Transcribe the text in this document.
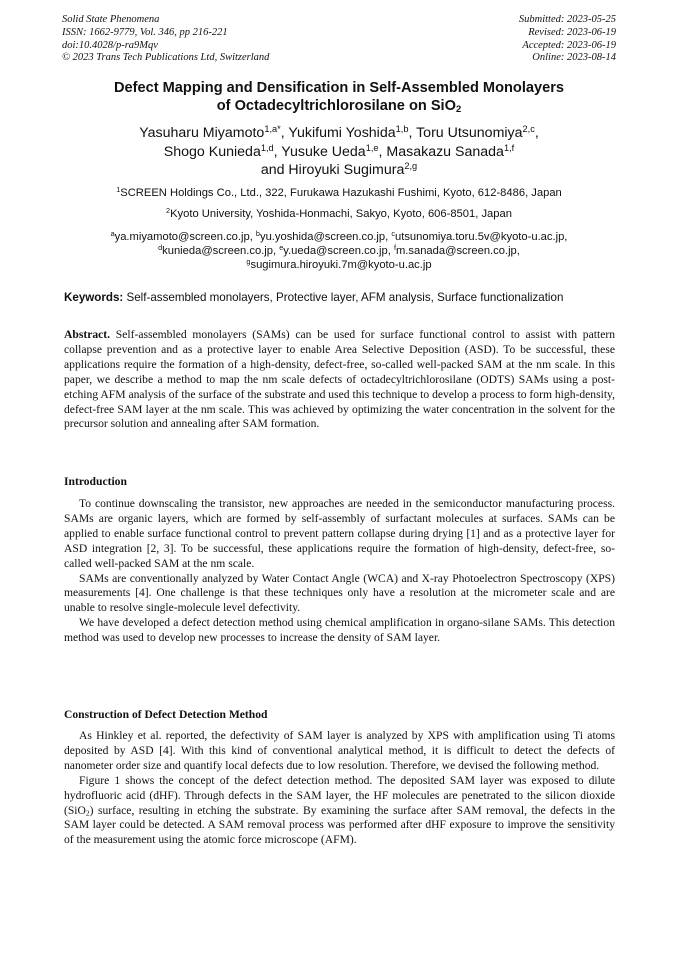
Solid State Phenomena
ISSN: 1662-9779, Vol. 346, pp 216-221
doi:10.4028/p-ra9Mqv
© 2023 Trans Tech Publications Ltd, Switzerland
Submitted: 2023-05-25
Revised: 2023-06-19
Accepted: 2023-06-19
Online: 2023-08-14
Defect Mapping and Densification in Self-Assembled Monolayers
of Octadecyltrichlorosilane on SiO$_2$
Yasuharu Miyamoto$^{1,a*}$, Yukifumi Yoshida$^{1,b}$, Toru Utsunomiya$^{2,c}$,
Shogo Kunieda$^{1,d}$, Yusuke Ueda$^{1,e}$, Masakazu Sanada$^{1,f}$
and Hiroyuki Sugimura$^{2,g}$
$^1$SCREEN Holdings Co., Ltd., 322, Furukawa Hazukashi Fushimi, Kyoto, 612-8486, Japan
$^2$Kyoto University, Yoshida-Honmachi, Sakyo, Kyoto, 606-8501, Japan
$^a$ya.miyamoto@screen.co.jp, $^b$yu.yoshida@screen.co.jp, $^c$utsunomiya.toru.5v@kyoto-u.ac.jp,
$^d$kunieda@screen.co.jp, $^e$y.ueda@screen.co.jp, $^f$m.sanada@screen.co.jp,
$^g$sugimura.hiroyuki.7m@kyoto-u.ac.jp
Keywords: Self-assembled monolayers, Protective layer, AFM analysis, Surface functionalization

Abstract. Self-assembled monolayers (SAMs) can be used for surface functional control to assist with pattern collapse prevention and as a protective layer to enable Area Selective Deposition (ASD). To be successful, these applications require the formation of a high-density, defect-free, so-called well-packed SAM at the nm scale. In this paper, we describe a method to map the nm scale defects of octadecyltrichlorosilane (ODTS) SAMs using a post-etching AFM analysis of the surface of the substrate and used this technique to develop a process to form high-density, defect-free SAM layer at the nm scale. This was achieved by optimizing the water concentration in the solvent for the precursor solution and annealing after SAM formation.

Introduction

To continue downscaling the transistor, new approaches are needed in the semiconductor manufacturing process. SAMs are organic layers, which are formed by self-assembly of surfactant molecules at surfaces. SAMs can be applied to enable surface functional control to prevent pattern collapse during drying [1] and as a protective layer for ASD integration [2, 3]. To be successful, these applications require the formation of high-density, defect-free, so-called well-packed SAM at the nm scale.

SAMs are conventionally analyzed by Water Contact Angle (WCA) and X-ray Photoelectron Spectroscopy (XPS) measurements [4]. One challenge is that these techniques only have a resolution at the micrometer scale and are unable to resolve single-molecule level defectivity.

We have developed a defect detection method using chemical amplification in organo-silane SAMs. This detection method was used to develop new processes to increase the density of SAM layer.

Construction of Defect Detection Method

As Hinkley et al. reported, the defectivity of SAM layer is analyzed by XPS with amplification using Ti atoms deposited by ASD [4]. With this kind of conventional analytical method, it is difficult to detect the defects of nanometer order size and quantify local defects due to low resolution. Therefore, we devised the following method.

Figure 1 shows the concept of the defect detection method. The deposited SAM layer was exposed to dilute hydrofluoric acid (dHF). Through defects in the SAM layer, the HF molecules are penetrated to the silicon dioxide (SiO$_2$) surface, resulting in etching the substrate. By examining the surface after SAM removal, the defects in the SAM layer could be detected. A SAM removal process was performed after dHF exposure to improve the sensitivity of the measurement using the atomic force microscope (AFM).
